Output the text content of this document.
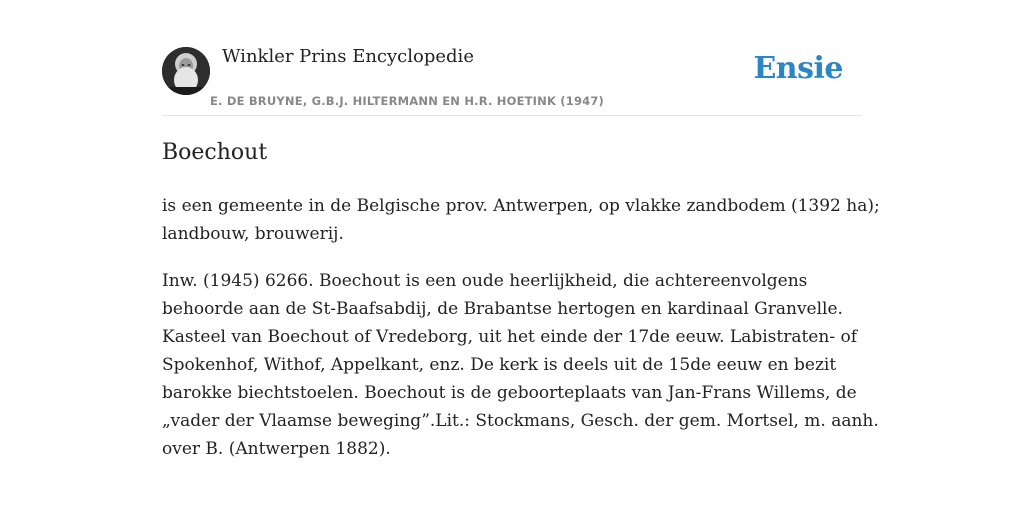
Winkler Prins Encyclopedie
E. DE BRUYNE, G.B.J. HILTERMANN EN H.R. HOETINK (1947)
Ensie
Boechout

is een gemeente in de Belgische prov. Antwerpen, op vlakke zandbodem (1392 ha);
landbouw, brouwerij.

Inw. (1945) 6266. Boechout is een oude heerlijkheid, die achtereenvolgens
behoorde aan de St-Baafsabdij, de Brabantse hertogen en kardinaal Granvelle.
Kasteel van Boechout of Vredeborg, uit het einde der 17de eeuw. Labistraten- of
Spokenhof, Withof, Appelkant, enz. De kerk is deels uit de 15de eeuw en bezit
barokke biechtstoelen. Boechout is de geboorteplaats van Jan-Frans Willems, de
„vader der Vlaamse beweging”.Lit.: Stockmans, Gesch. der gem. Mortsel, m. aanh.
over B. (Antwerpen 1882).
